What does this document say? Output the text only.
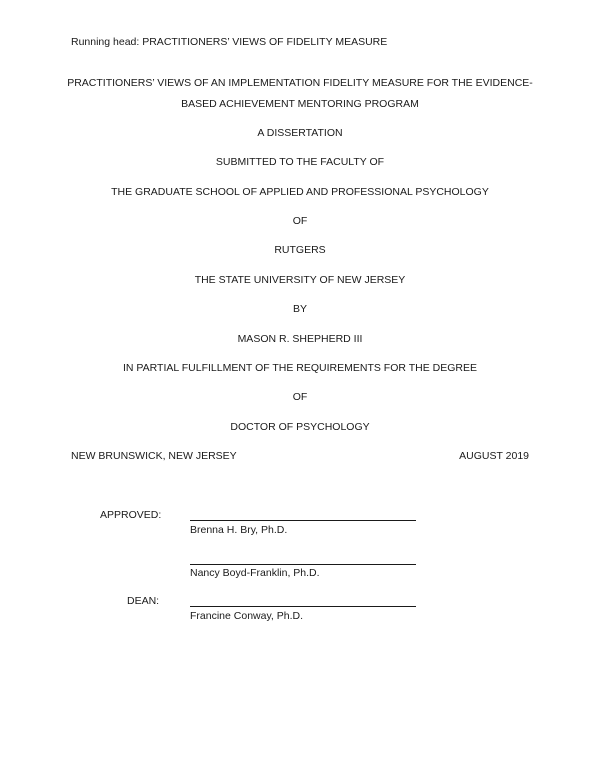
Running head: PRACTITIONERS’ VIEWS OF FIDELITY MEASURE
PRACTITIONERS’ VIEWS OF AN IMPLEMENTATION FIDELITY MEASURE FOR THE EVIDENCE-
BASED ACHIEVEMENT MENTORING PROGRAM
A DISSERTATION
SUBMITTED TO THE FACULTY OF
THE GRADUATE SCHOOL OF APPLIED AND PROFESSIONAL PSYCHOLOGY
OF
RUTGERS
THE STATE UNIVERSITY OF NEW JERSEY
BY
MASON R. SHEPHERD III
IN PARTIAL FULFILLMENT OF THE REQUIREMENTS FOR THE DEGREE
OF
DOCTOR OF PSYCHOLOGY
NEW BRUNSWICK, NEW JERSEY	AUGUST 2019
APPROVED:
Brenna H. Bry, Ph.D.
Nancy Boyd-Franklin, Ph.D.
DEAN:
Francine Conway, Ph.D.
